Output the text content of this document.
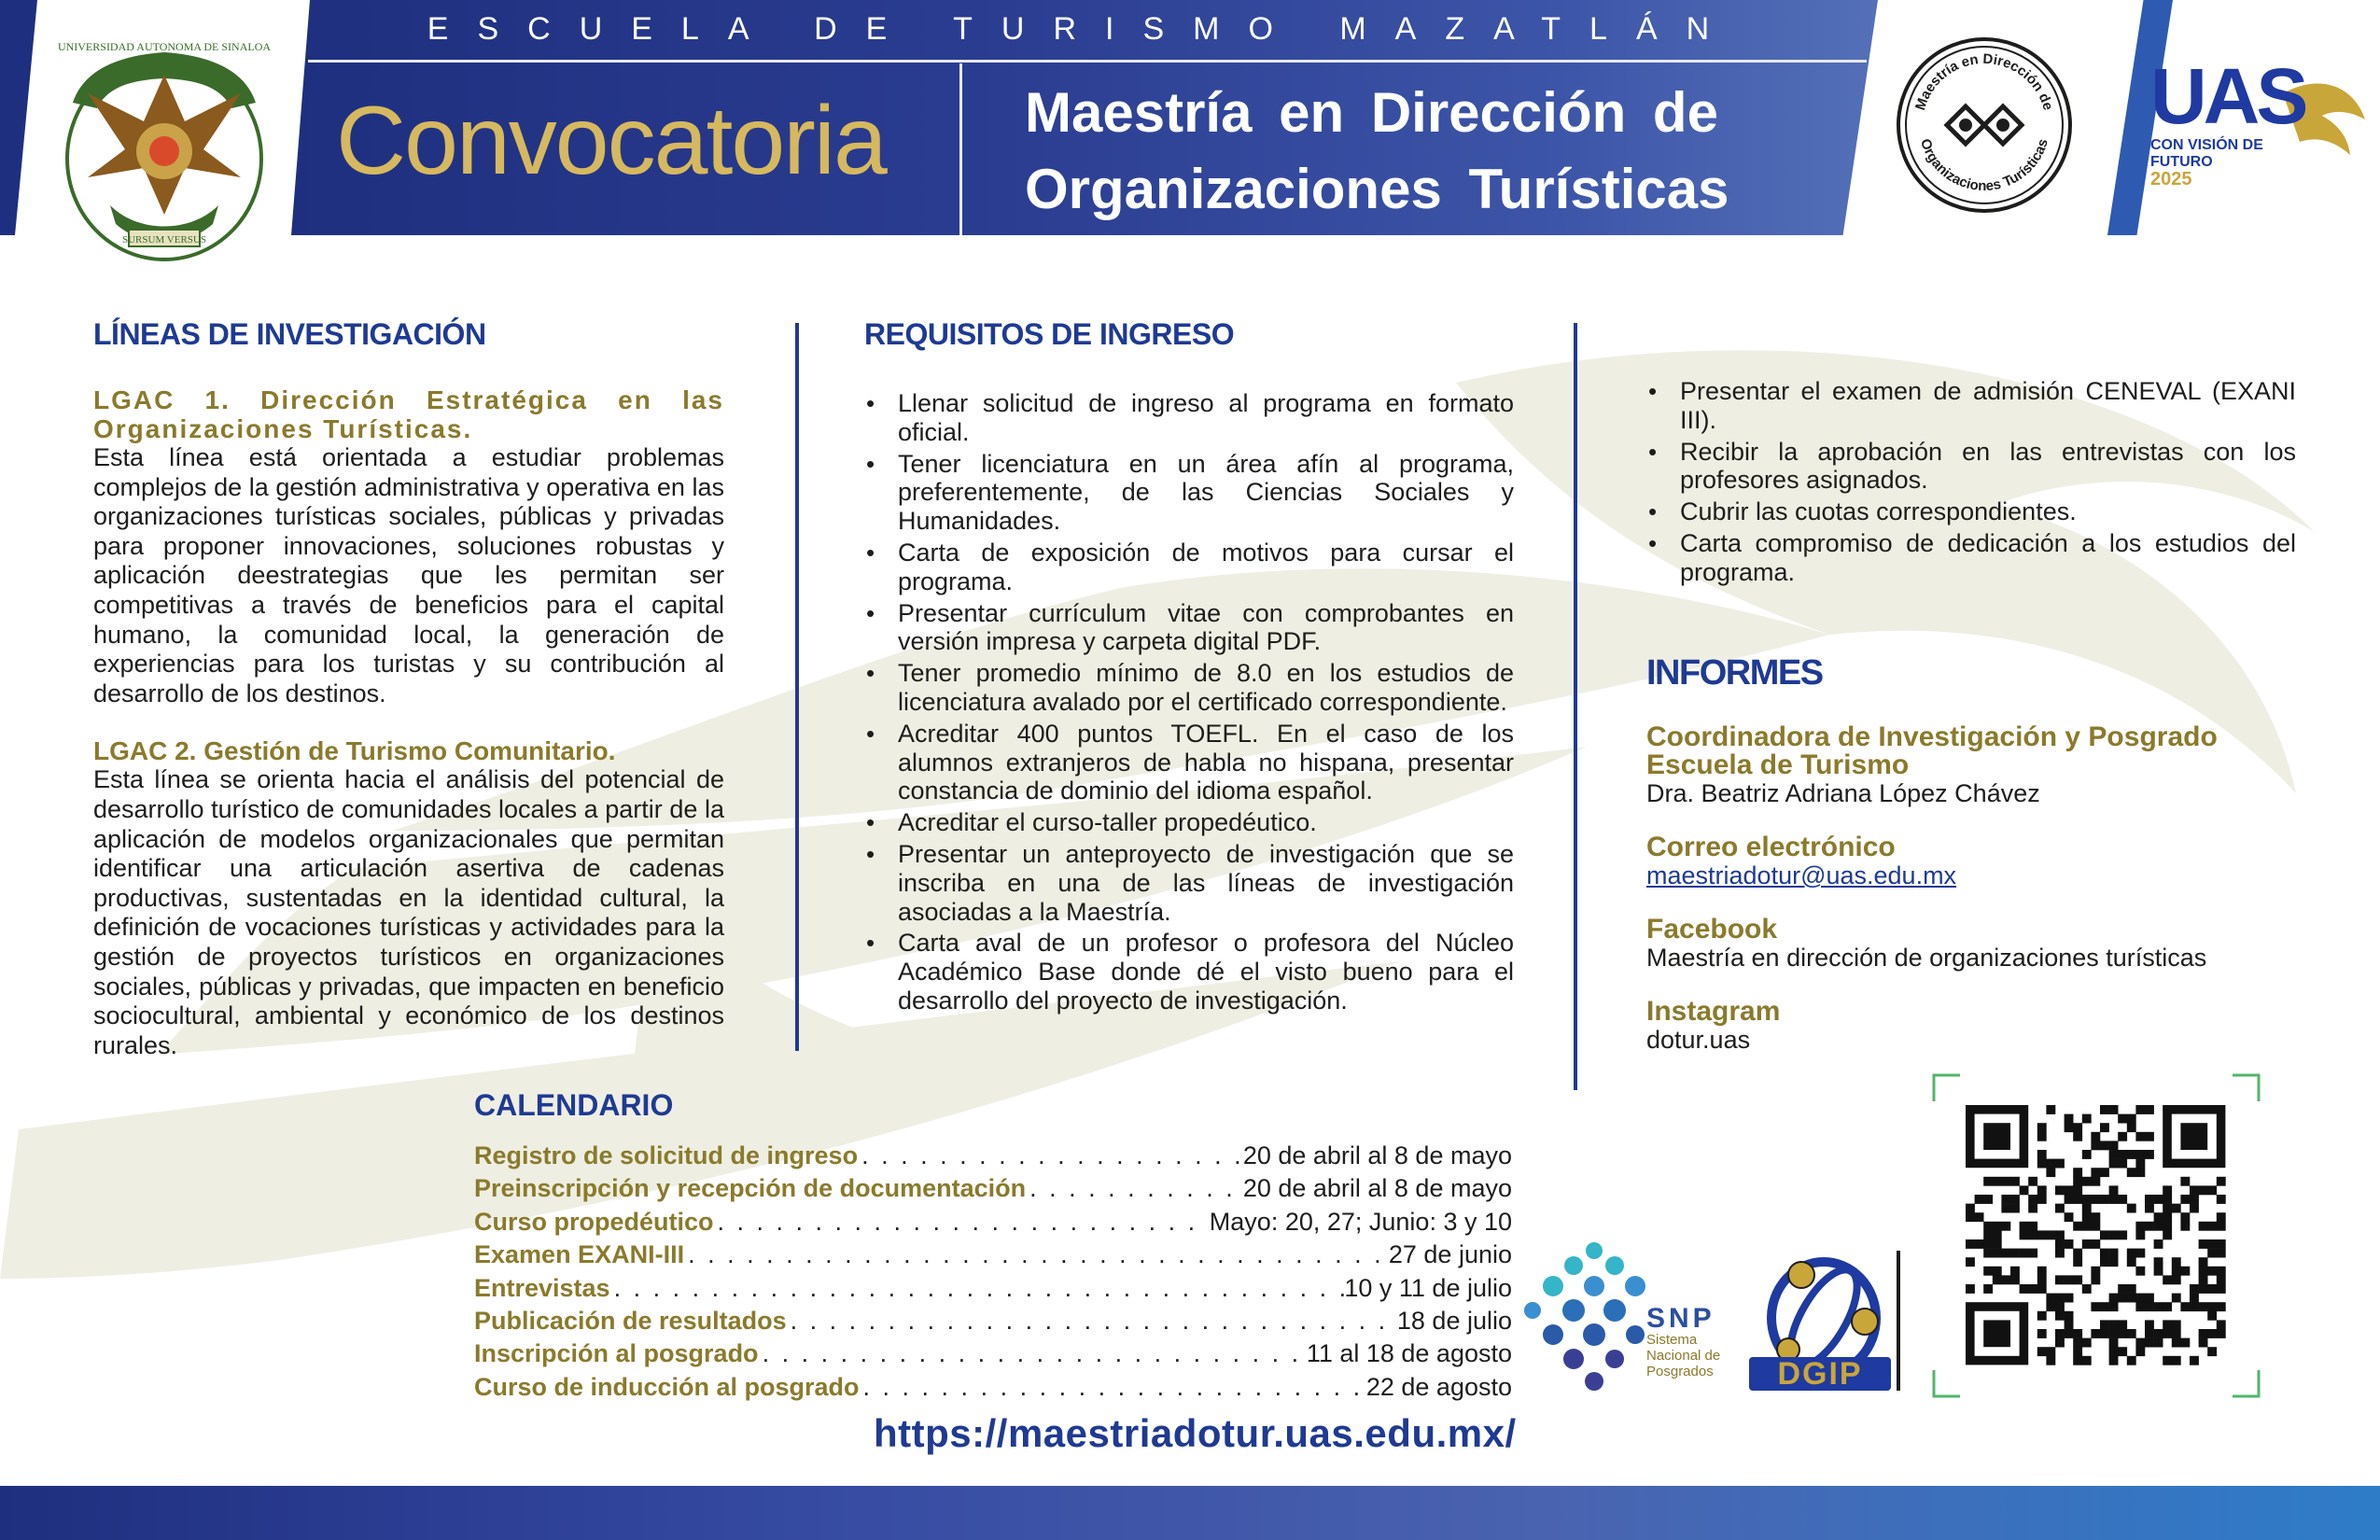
ESCUELA DE TURISMO MAZATLÁN
Convocatoria Maestría en Dirección de
Organizaciones Turísticas
SURSUM VERSUS
UNIVERSIDAD AUTONOMA DE SINALOA
Maestría en Dirección de
Organizaciones Turísticas
UAS
CON VISIÓN DE
FUTURO
2025
LÍNEAS DE INVESTIGACIÓN
LGAC 1. Dirección Estratégica en las Organizaciones Turísticas.
Esta línea está orientada a estudiar problemas complejos de la gestión administrativa y operativa en las organizaciones turísticas sociales, públicas y privadas para proponer innovaciones, soluciones robustas y aplicación deestrategias que les permitan ser competitivas a través de beneficios para el capital humano, la comunidad local, la generación de experiencias para los turistas y su contribución al desarrollo de los destinos.
LGAC 2. Gestión de Turismo Comunitario.
Esta línea se orienta hacia el análisis del potencial de desarrollo turístico de comunidades locales a partir de la aplicación de modelos organizacionales que permitan identificar una articulación asertiva de cadenas productivas, sustentadas en la identidad cultural, la definición de vocaciones turísticas y actividades para la gestión de proyectos turísticos en organizaciones sociales, públicas y privadas, que impacten en beneficio sociocultural, ambiental y económico de los destinos rurales.
REQUISITOS DE INGRESO
• Llenar solicitud de ingreso al programa en formato oficial.
• Tener licenciatura en un área afín al programa, preferentemente, de las Ciencias Sociales y Humanidades.
• Carta de exposición de motivos para cursar el programa.
• Presentar currículum vitae con comprobantes en versión impresa y carpeta digital PDF.
• Tener promedio mínimo de 8.0 en los estudios de licenciatura avalado por el certificado correspondiente.
• Acreditar 400 puntos TOEFL. En el caso de los alumnos extranjeros de habla no hispana, presentar constancia de dominio del idioma español.
• Acreditar el curso-taller propedéutico.
• Presentar un anteproyecto de investigación que se inscriba en una de las líneas de investigación asociadas a la Maestría.
• Carta aval de un profesor o profesora del Núcleo Académico Base donde dé el visto bueno para el desarrollo del proyecto de investigación.
• Presentar el examen de admisión CENEVAL (EXANI III).
• Recibir la aprobación en las entrevistas con los profesores asignados.
• Cubrir las cuotas correspondientes.
• Carta compromiso de dedicación a los estudios del programa.
INFORMES
Coordinadora de Investigación y Posgrado
Escuela de Turismo
Dra. Beatriz Adriana López Chávez
Correo electrónico
maestriadotur@uas.edu.mx
Facebook
Maestría en dirección de organizaciones turísticas
Instagram
dotur.uas
CALENDARIO
Registro de solicitud de ingreso . . .	20 de abril al 8 de mayo
Preinscripción y recepción de documentación . . .	20 de abril al 8 de mayo
Curso propedéutico . . .	Mayo: 20, 27; Junio: 3 y 10
Examen EXANI-III . . .	27 de junio
Entrevistas . . .	10 y 11 de julio
Publicación de resultados . . .	18 de julio
Inscripción al posgrado . . .	11 al 18 de agosto
Curso de inducción al posgrado . . .	22 de agosto
https://maestriadotur.uas.edu.mx/
SNP
Sistema
Nacional de
Posgrados DGIP
